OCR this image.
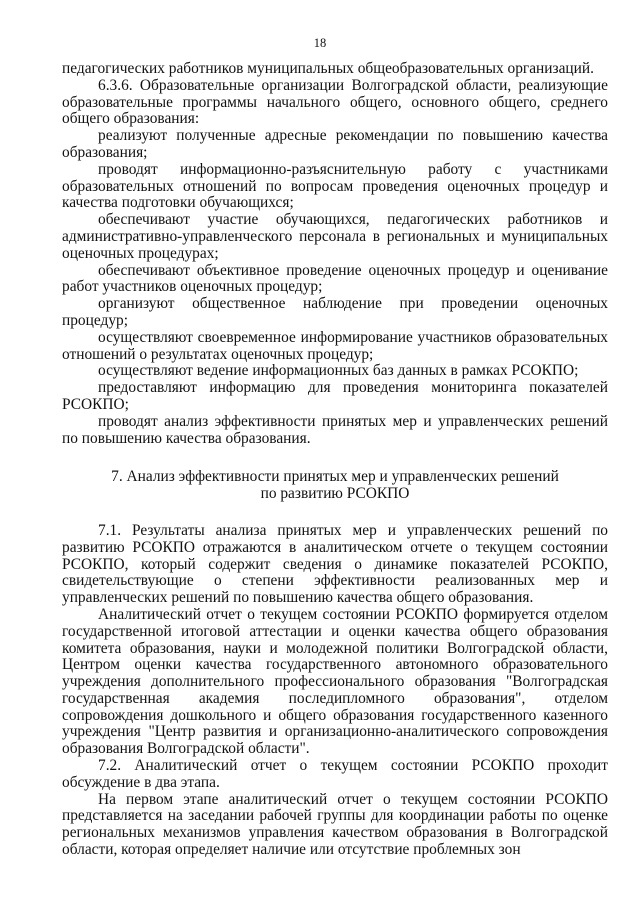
18

педагогических работников муниципальных общеобразовательных организаций.

6.3.6. Образовательные организации Волгоградской области, реализующие образовательные программы начального общего, основного общего, среднего общего образования:

реализуют полученные адресные рекомендации по повышению качества образования;

проводят информационно-разъяснительную работу с участниками образовательных отношений по вопросам проведения оценочных процедур и качества подготовки обучающихся;

обеспечивают участие обучающихся, педагогических работников и административно-управленческого персонала в региональных и муниципальных оценочных процедурах;

обеспечивают объективное проведение оценочных процедур и оценивание работ участников оценочных процедур;

организуют общественное наблюдение при проведении оценочных процедур;

осуществляют своевременное информирование участников образовательных отношений о результатах оценочных процедур;

осуществляют ведение информационных баз данных в рамках РСОКПО;

предоставляют информацию для проведения мониторинга показателей РСОКПО;

проводят анализ эффективности принятых мер и управленческих решений по повышению качества образования.

7. Анализ эффективности принятых мер и управленческих решений
по развитию РСОКПО

7.1. Результаты анализа принятых мер и управленческих решений по развитию РСОКПО отражаются в аналитическом отчете о текущем состоянии РСОКПО, который содержит сведения о динамике показателей РСОКПО, свидетельствующие о степени эффективности реализованных мер и управленческих решений по повышению качества общего образования.

Аналитический отчет о текущем состоянии РСОКПО формируется отделом государственной итоговой аттестации и оценки качества общего образования комитета образования, науки и молодежной политики Волгоградской области, Центром оценки качества государственного автономного образовательного учреждения дополнительного профессионального образования "Волгоградская государственная академия последипломного образования", отделом сопровождения дошкольного и общего образования государственного казенного учреждения "Центр развития и организационно-аналитического сопровождения образования Волгоградской области".

7.2. Аналитический отчет о текущем состоянии РСОКПО проходит обсуждение в два этапа.

На первом этапе аналитический отчет о текущем состоянии РСОКПО представляется на заседании рабочей группы для координации работы по оценке региональных механизмов управления качеством образования в Волгоградской области, которая определяет наличие или отсутствие проблемных зон
